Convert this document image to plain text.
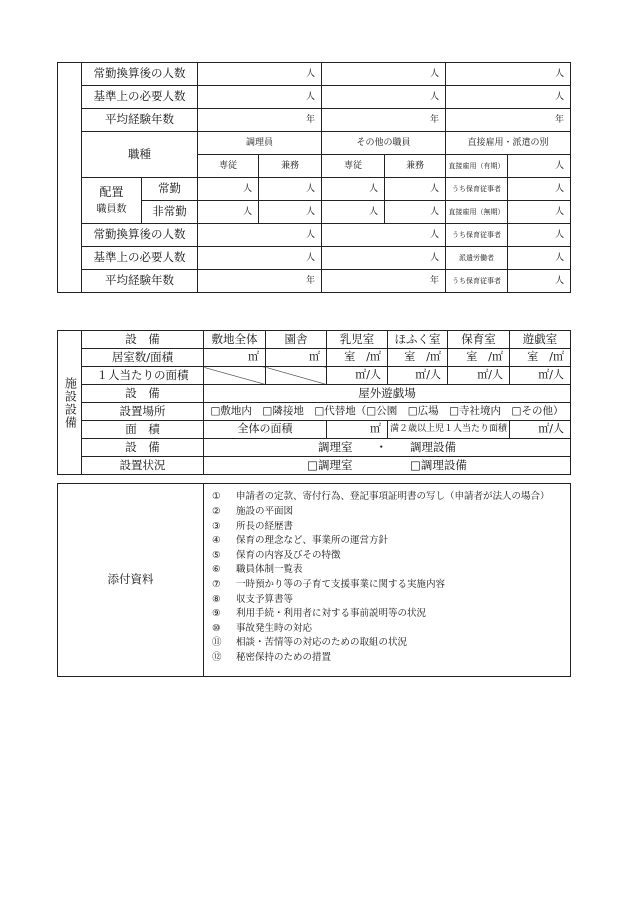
	常勤換算後の人数		人		人		人	
	基準上の必要人数		人		人		人	
	平均経験年数		年		年		年	
	職種		調理員		その他の職員		直接雇用・派遣の別	
			専従	兼務	専従	兼務	直接雇用（有期）	人

	配置
職員数	常勤	人	人	人	人	うち保育従事者	人
		非常勤	人	人	人	人	直接雇用（無期）	人
	常勤換算後の人数		人		人		うち保育従事者	人
	基準上の必要人数		人		人		派遣労働者	人
	平均経験年数		年		年		うち保育従事者	人
施設設備	設　備	敷地全体	園舎	乳児室	ほふく室	保育室	遊戯室
	居室数/面積	㎡	㎡	室　/㎡	室　/㎡	室　/㎡	室　/㎡
	１人当たりの面積			㎡/人	㎡/人	㎡/人	㎡/人
	設　備	屋外遊戯場					
	設置場所	□敷地内　□隣接地　□代替地（□公園　□広場　□寺社境内　□その他）					
	面　積	全体の面積		㎡	満２歳以上児１人当たり面積		㎡/人
	設　備	調理室　　・　　調理設備					
	設置状況	□調理室　　　　　□調理設備					
添付資料	
①	申請者の定款、寄付行為、登記事項証明書の写し（申請者が法人の場合）
②	施設の平面図
③	所長の経歴書
④	保育の理念など、事業所の運営方針
⑤	保育の内容及びその特徴
⑥	職員体制一覧表
⑦	一時預かり等の子育て支援事業に関する実施内容
⑧	収支予算書等
⑨	利用手続・利用者に対する事前説明等の状況
⑩	事故発生時の対応
⑪	相談・苦情等の対応のための取組の状況
⑫	秘密保持のための措置
